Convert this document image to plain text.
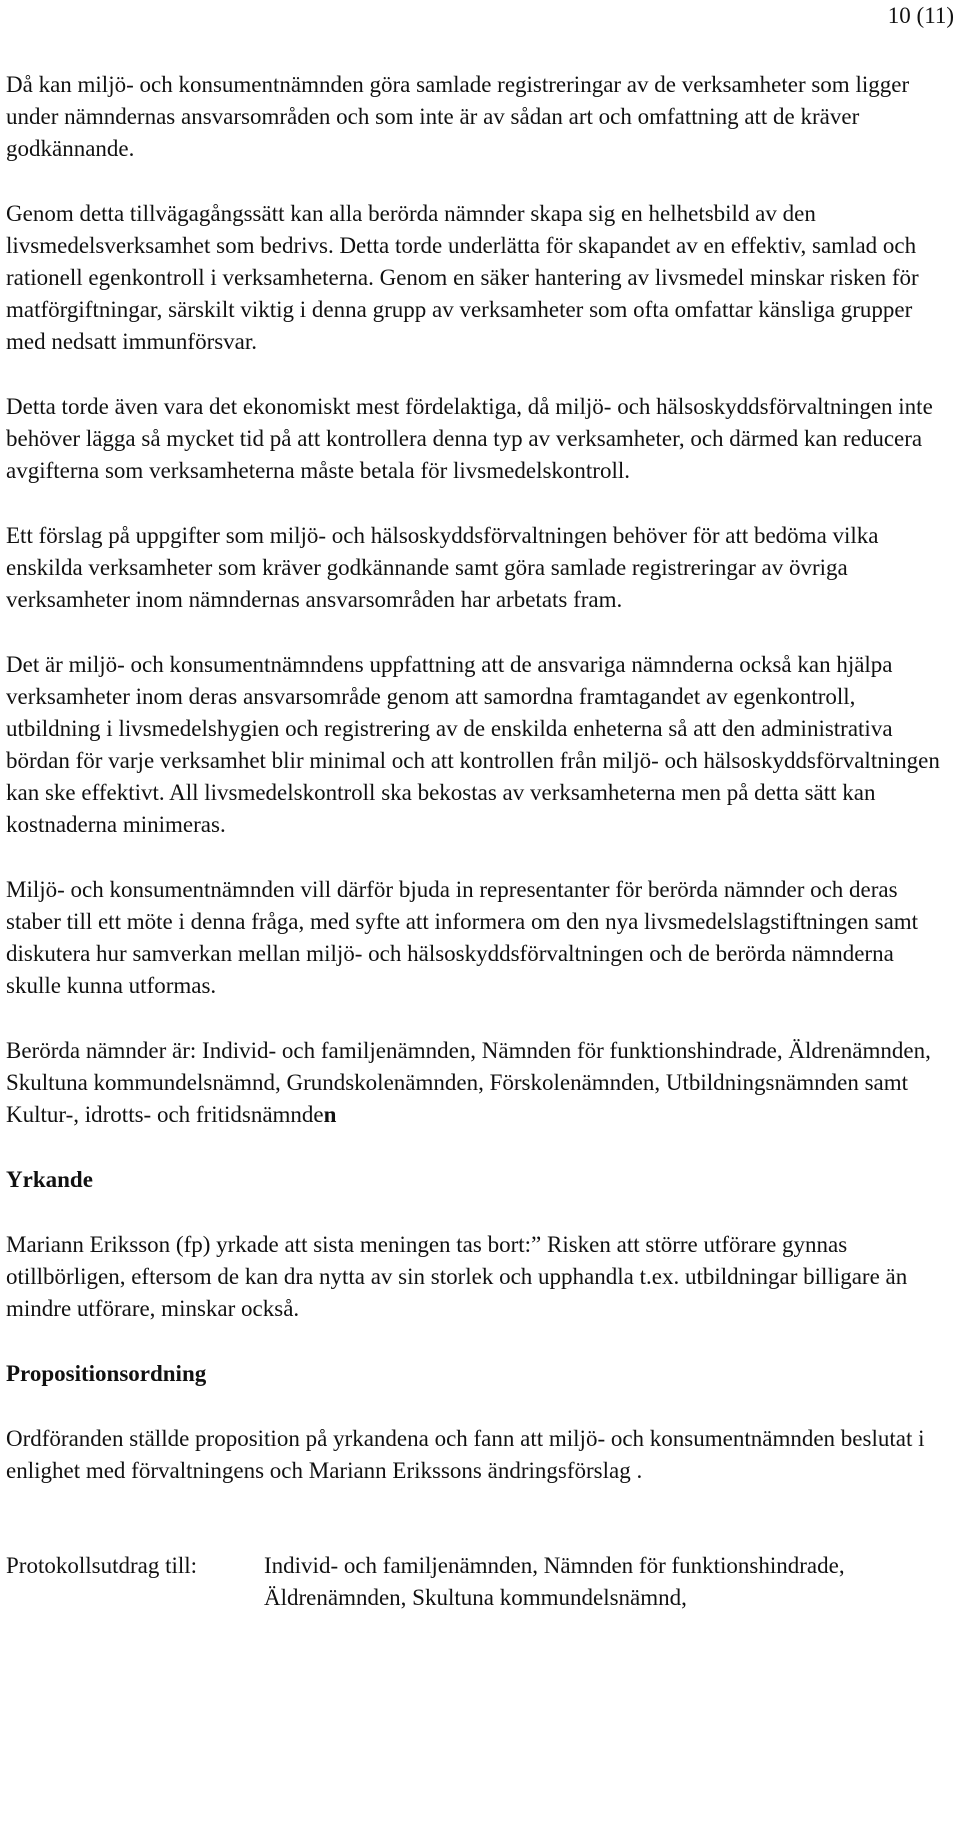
10 (11)

Då kan miljö- och konsumentnämnden göra samlade registreringar av de verksamheter som ligger under nämndernas ansvarsområden och som inte är av sådan art och omfattning att de kräver godkännande.

Genom detta tillvägagångssätt kan alla berörda nämnder skapa sig en helhetsbild av den livsmedelsverksamhet som bedrivs. Detta torde underlätta för skapandet av en effektiv, samlad och rationell egenkontroll i verksamheterna. Genom en säker hantering av livsmedel minskar risken för matförgiftningar, särskilt viktig i denna grupp av verksamheter som ofta omfattar känsliga grupper med nedsatt immunförsvar.

Detta torde även vara det ekonomiskt mest fördelaktiga, då miljö- och hälsoskyddsförvaltningen inte behöver lägga så mycket tid på att kontrollera denna typ av verksamheter, och därmed kan reducera avgifterna som verksamheterna måste betala för livsmedelskontroll.

Ett förslag på uppgifter som miljö- och hälsoskyddsförvaltningen behöver för att bedöma vilka enskilda verksamheter som kräver godkännande samt göra samlade registreringar av övriga verksamheter inom nämndernas ansvarsområden har arbetats fram.

Det är miljö- och konsumentnämndens uppfattning att de ansvariga nämnderna också kan hjälpa verksamheter inom deras ansvarsområde genom att samordna framtagandet av egenkontroll, utbildning i livsmedelshygien och registrering av de enskilda enheterna så att den administrativa bördan för varje verksamhet blir minimal och att kontrollen från miljö- och hälsoskyddsförvaltningen kan ske effektivt. All livsmedelskontroll ska bekostas av verksamheterna men på detta sätt kan kostnaderna minimeras.

Miljö- och konsumentnämnden vill därför bjuda in representanter för berörda nämnder och deras staber till ett möte i denna fråga, med syfte att informera om den nya livsmedelslagstiftningen samt diskutera hur samverkan mellan miljö- och hälsoskyddsförvaltningen och de berörda nämnderna skulle kunna utformas.

Berörda nämnder är: Individ- och familjenämnden, Nämnden för funktionshindrade, Äldrenämnden, Skultuna kommundelsnämnd, Grundskolenämnden, Förskolenämnden, Utbildningsnämnden samt Kultur-, idrotts- och fritidsnämnden

Yrkande

Mariann Eriksson (fp) yrkade att sista meningen tas bort:” Risken att större utförare gynnas otillbörligen, eftersom de kan dra nytta av sin storlek och upphandla t.ex. utbildningar billigare än mindre utförare, minskar också.

Propositionsordning

Ordföranden ställde proposition på yrkandena och fann att miljö- och konsumentnämnden beslutat i enlighet med förvaltningens och Mariann Erikssons ändringsförslag .

Protokollsutdrag till:	Individ- och familjenämnden, Nämnden för funktionshindrade, Äldrenämnden, Skultuna kommundelsnämnd,
